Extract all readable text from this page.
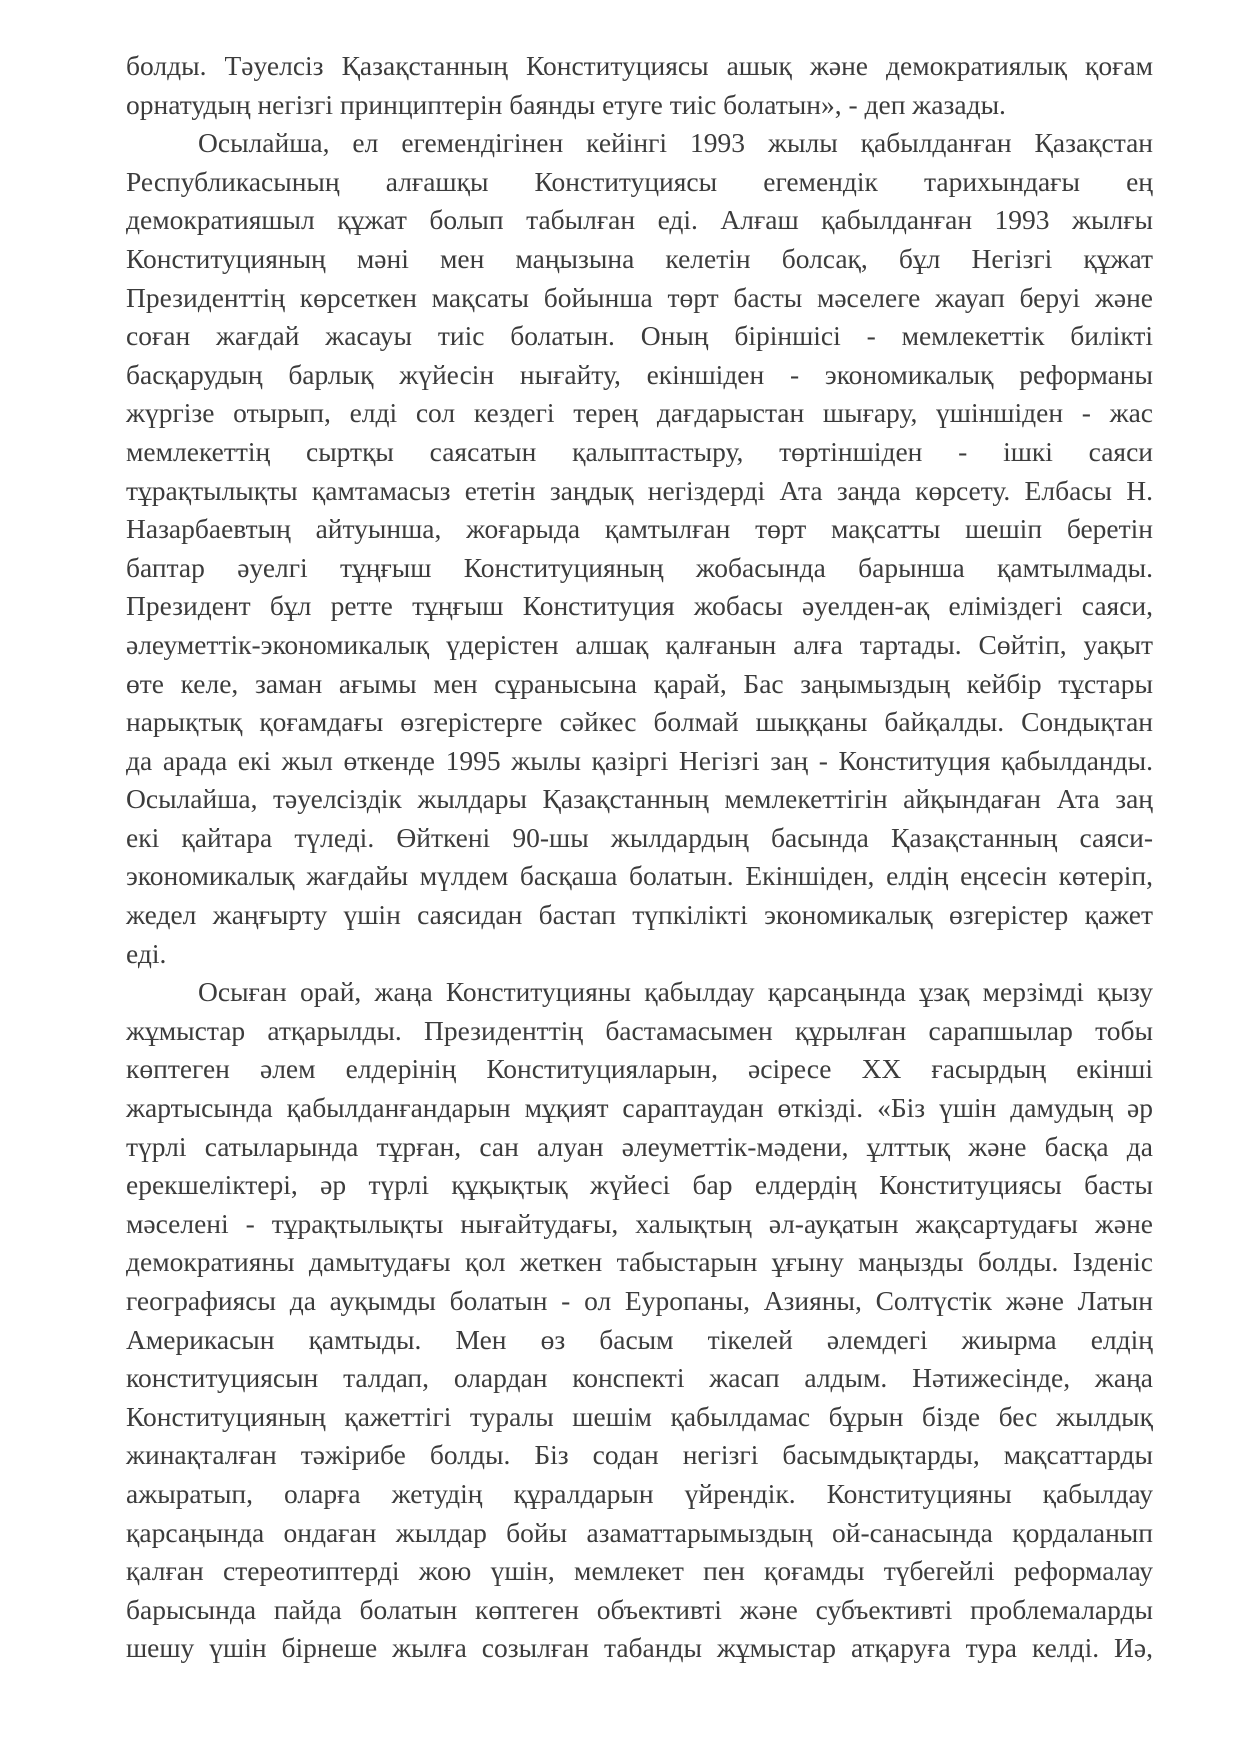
болды. Тәуелсіз Қазақстанның Конституциясы ашық және демократиялық қоғам
орнатудың негізгі принциптерін баянды етуге тиіс болатын», - деп жазады.
Осылайша, ел егемендігінен кейінгі 1993 жылы қабылданған Қазақстан
Республикасының алғашқы Конституциясы егемендік тарихындағы ең
демократияшыл құжат болып табылған еді. Алғаш қабылданған 1993 жылғы
Конституцияның мәні мен маңызына келетін болсақ, бұл Негізгі құжат
Президенттің көрсеткен мақсаты бойынша төрт басты мәселеге жауап беруі және
соған жағдай жасауы тиіс болатын. Оның біріншісі - мемлекеттік билікті
басқарудың барлық жүйесін нығайту, екіншіден - экономикалық реформаны
жүргізе отырып, елді сол кездегі терең дағдарыстан шығару, үшіншіден - жас
мемлекеттің сыртқы саясатын қалыптастыру, төртіншіден - ішкі саяси
тұрақтылықты қамтамасыз ететін заңдық негіздерді Ата заңда көрсету. Елбасы Н.
Назарбаевтың айтуынша, жоғарыда қамтылған төрт мақсатты шешіп беретін
баптар әуелгі тұңғыш Конституцияның жобасында барынша қамтылмады.
Президент бұл ретте тұңғыш Конституция жобасы әуелден-ақ еліміздегі саяси,
әлеуметтік-экономикалық үдерістен алшақ қалғанын алға тартады. Сөйтіп, уақыт
өте келе, заман ағымы мен сұранысына қарай, Бас заңымыздың кейбір тұстары
нарықтық қоғамдағы өзгерістерге сәйкес болмай шыққаны байқалды. Сондықтан
да арада екі жыл өткенде 1995 жылы қазіргі Негізгі заң - Конституция қабылданды.
Осылайша, тәуелсіздік жылдары Қазақстанның мемлекеттігін айқындаған Ата заң
екі қайтара түледі. Өйткені 90-шы жылдардың басында Қазақстанның саяси-
экономикалық жағдайы мүлдем басқаша болатын. Екіншіден, елдің еңсесін көтеріп,
жедел жаңғырту үшін саясидан бастап түпкілікті экономикалық өзгерістер қажет
еді.
Осыған орай, жаңа Конституцияны қабылдау қарсаңында ұзақ мерзімді қызу
жұмыстар атқарылды. Президенттің бастамасымен құрылған сарапшылар тобы
көптеген әлем елдерінің Конституцияларын, әсіресе XX ғасырдың екінші
жартысында қабылданғандарын мұқият сараптаудан өткізді. «Біз үшін дамудың әр
түрлі сатыларында тұрған, сан алуан әлеуметтік-мәдени, ұлттық және басқа да
ерекшеліктері, әр түрлі құқықтық жүйесі бар елдердің Конституциясы басты
мәселені - тұрақтылықты нығайтудағы, халықтың әл-ауқатын жақсартудағы және
демократияны дамытудағы қол жеткен табыстарын ұғыну маңызды болды. Ізденіс
географиясы да ауқымды болатын - ол Еуропаны, Азияны, Солтүстік және Латын
Америкасын қамтыды. Мен өз басым тікелей әлемдегі жиырма елдің
конституциясын талдап, олардан конспекті жасап алдым. Нәтижесінде, жаңа
Конституцияның қажеттігі туралы шешім қабылдамас бұрын бізде бес жылдық
жинақталған тәжірибе болды. Біз содан негізгі басымдықтарды, мақсаттарды
ажыратып, оларға жетудің құралдарын үйрендік. Конституцияны қабылдау
қарсаңында ондаған жылдар бойы азаматтарымыздың ой-санасында қордаланып
қалған стереотиптерді жою үшін, мемлекет пен қоғамды түбегейлі реформалау
барысында пайда болатын көптеген объективті және субъективті проблемаларды
шешу үшін бірнеше жылға созылған табанды жұмыстар атқаруға тура келді. Иә,
